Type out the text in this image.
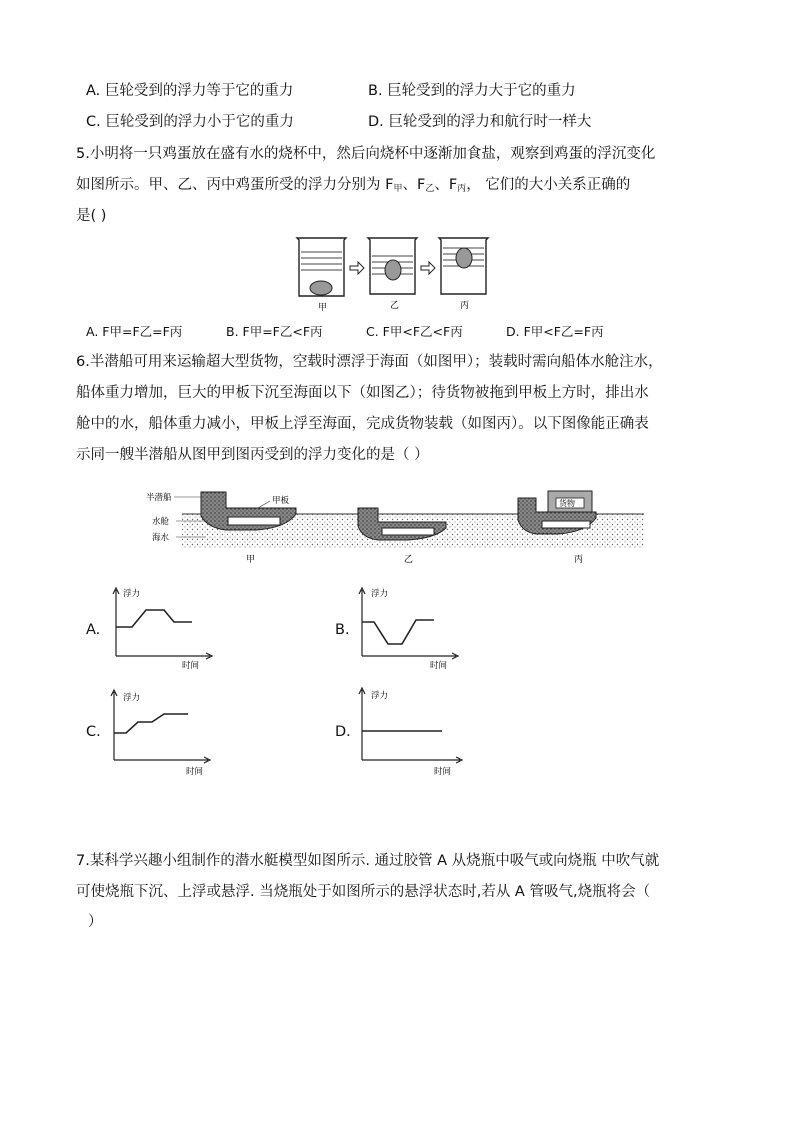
A. 巨轮受到的浮力等于它的重力	B. 巨轮受到的浮力大于它的重力
C. 巨轮受到的浮力小于它的重力	D. 巨轮受到的浮力和航行时一样大
5.小明将一只鸡蛋放在盛有水的烧杯中，然后向烧杯中逐渐加食盐，观察到鸡蛋的浮沉变化
如图所示。甲、乙、丙中鸡蛋所受的浮力分别为 $F_甲$、$F_乙$、$F_丙$， 它们的大小关系正确的
是( )
甲	乙	丙
A. F甲=F乙=F丙	B. F甲=F乙<F丙	C. F甲<F乙<F丙	D. F甲<F乙=F丙
6.半潜船可用来运输超大型货物，空载时漂浮于海面（如图甲）；装载时需向船体水舱注水，
船体重力增加，巨大的甲板下沉至海面以下（如图乙）；待货物被拖到甲板上方时，排出水
舱中的水，船体重力减小，甲板上浮至海面，完成货物装载（如图丙）。以下图像能正确表
示同一艘半潜船从图甲到图丙受到的浮力变化的是（ ）
半潜船
水舱
海水
甲板	货物
甲	乙	丙
A.
浮力
时间
B.
浮力
时间
C.
浮力
时间
D.
浮力
时间
7.某科学兴趣小组制作的潜水艇模型如图所示. 通过胶管 A 从烧瓶中吸气或向烧瓶 中吹气就
可使烧瓶下沉、上浮或悬浮. 当烧瓶处于如图所示的悬浮状态时,若从 A 管吸气,烧瓶将会（
）
